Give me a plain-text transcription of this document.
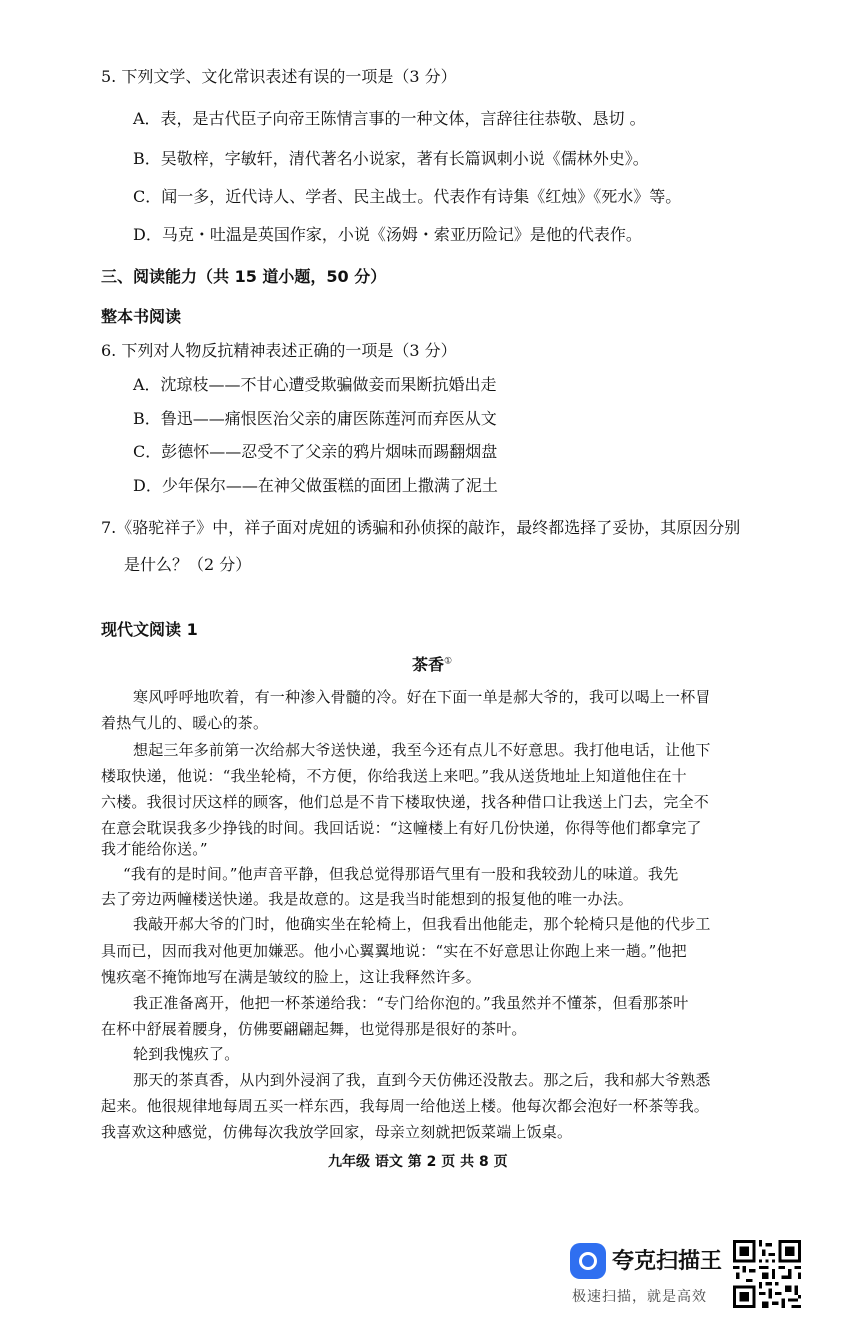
5. 下列文学、文化常识表述有误的一项是（3 分）
A．表，是古代臣子向帝王陈情言事的一种文体，言辞往往恭敬、恳切 。
B．吴敬梓，字敏轩，清代著名小说家，著有长篇讽刺小说《儒林外史》。
C．闻一多，近代诗人、学者、民主战士。代表作有诗集《红烛》《死水》等。
D．马克・吐温是英国作家，小说《汤姆・索亚历险记》是他的代表作。
三、阅读能力（共 15 道小题，50 分）
整本书阅读
6. 下列对人物反抗精神表述正确的一项是（3 分）
A．沈琼枝——不甘心遭受欺骗做妾而果断抗婚出走
B．鲁迅——痛恨医治父亲的庸医陈莲河而弃医从文
C．彭德怀——忍受不了父亲的鸦片烟味而踢翻烟盘
D．少年保尔——在神父做蛋糕的面团上撒满了泥土
7.《骆驼祥子》中，祥子面对虎妞的诱骗和孙侦探的敲诈，最终都选择了妥协，其原因分别
是什么？（2 分）
现代文阅读 1
茶香①
寒风呼呼地吹着，有一种渗入骨髓的冷。好在下面一单是郝大爷的，我可以喝上一杯冒
着热气儿的、暖心的茶。
想起三年多前第一次给郝大爷送快递，我至今还有点儿不好意思。我打他电话，让他下
楼取快递，他说：“我坐轮椅，不方便，你给我送上来吧。”我从送货地址上知道他住在十
六楼。我很讨厌这样的顾客，他们总是不肯下楼取快递，找各种借口让我送上门去，完全不
在意会耽误我多少挣钱的时间。我回话说：“这幢楼上有好几份快递，你得等他们都拿完了
我才能给你送。”
“我有的是时间。”他声音平静，但我总觉得那语气里有一股和我较劲儿的味道。我先
去了旁边两幢楼送快递。我是故意的。这是我当时能想到的报复他的唯一办法。
我敲开郝大爷的门时，他确实坐在轮椅上，但我看出他能走，那个轮椅只是他的代步工
具而已，因而我对他更加嫌恶。他小心翼翼地说：“实在不好意思让你跑上来一趟。”他把
愧疚毫不掩饰地写在满是皱纹的脸上，这让我释然许多。
我正准备离开，他把一杯茶递给我：“专门给你泡的。”我虽然并不懂茶，但看那茶叶
在杯中舒展着腰身，仿佛要翩翩起舞，也觉得那是很好的茶叶。
轮到我愧疚了。
那天的茶真香，从内到外浸润了我，直到今天仿佛还没散去。那之后，我和郝大爷熟悉
起来。他很规律地每周五买一样东西，我每周一给他送上楼。他每次都会泡好一杯茶等我。
我喜欢这种感觉，仿佛每次我放学回家，母亲立刻就把饭菜端上饭桌。
九年级 语文 第 2 页 共 8 页
夸克扫描王
极速扫描，就是高效
